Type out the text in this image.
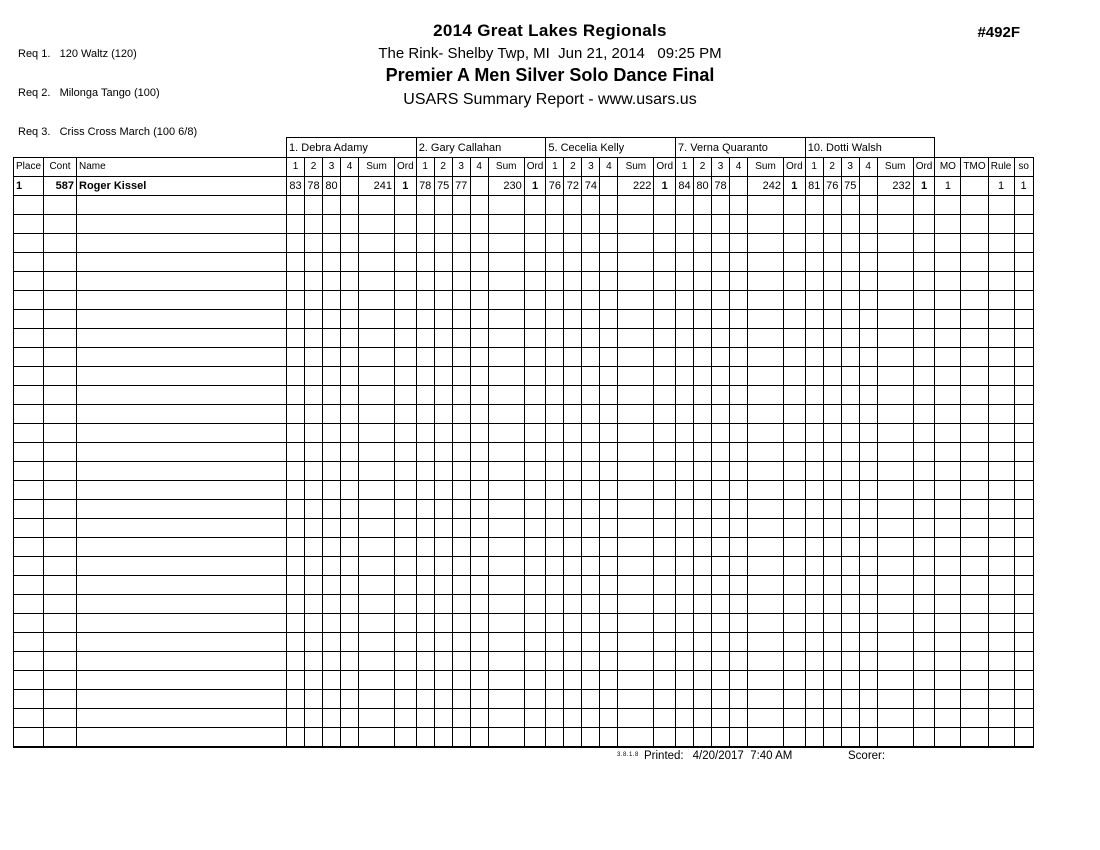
Req 1.   120 Waltz (120)

Req 2.   Milonga Tango (100)

Req 3.   Criss Cross March (100 6/8)

2014 Great Lakes Regionals
The Rink- Shelby Twp, MI  Jun 21, 2014   09:25 PM
Premier A Men Silver Solo Dance Final
USARS Summary Report - www.usars.us
#492F
			1. Debra Adamy						2. Gary Callahan						5. Cecelia Kelly						7. Verna Quaranto						10. Dotti Walsh									
Place	Cont	Name	1	2	3	4	Sum	Ord	1	2	3	4	Sum	Ord	1	2	3	4	Sum	Ord	1	2	3	4	Sum	Ord	1	2	3	4	Sum	Ord	MO	TMO	Rule	so
1	587	Roger Kissel	83	78	80		241	1	78	75	77		230	1	76	72	74		222	1	84	80	78		242	1	81	76	75		232	1	1		1	1

3.8.1.8 Printed: 4/20/2017  7:40 AM	Scorer:
